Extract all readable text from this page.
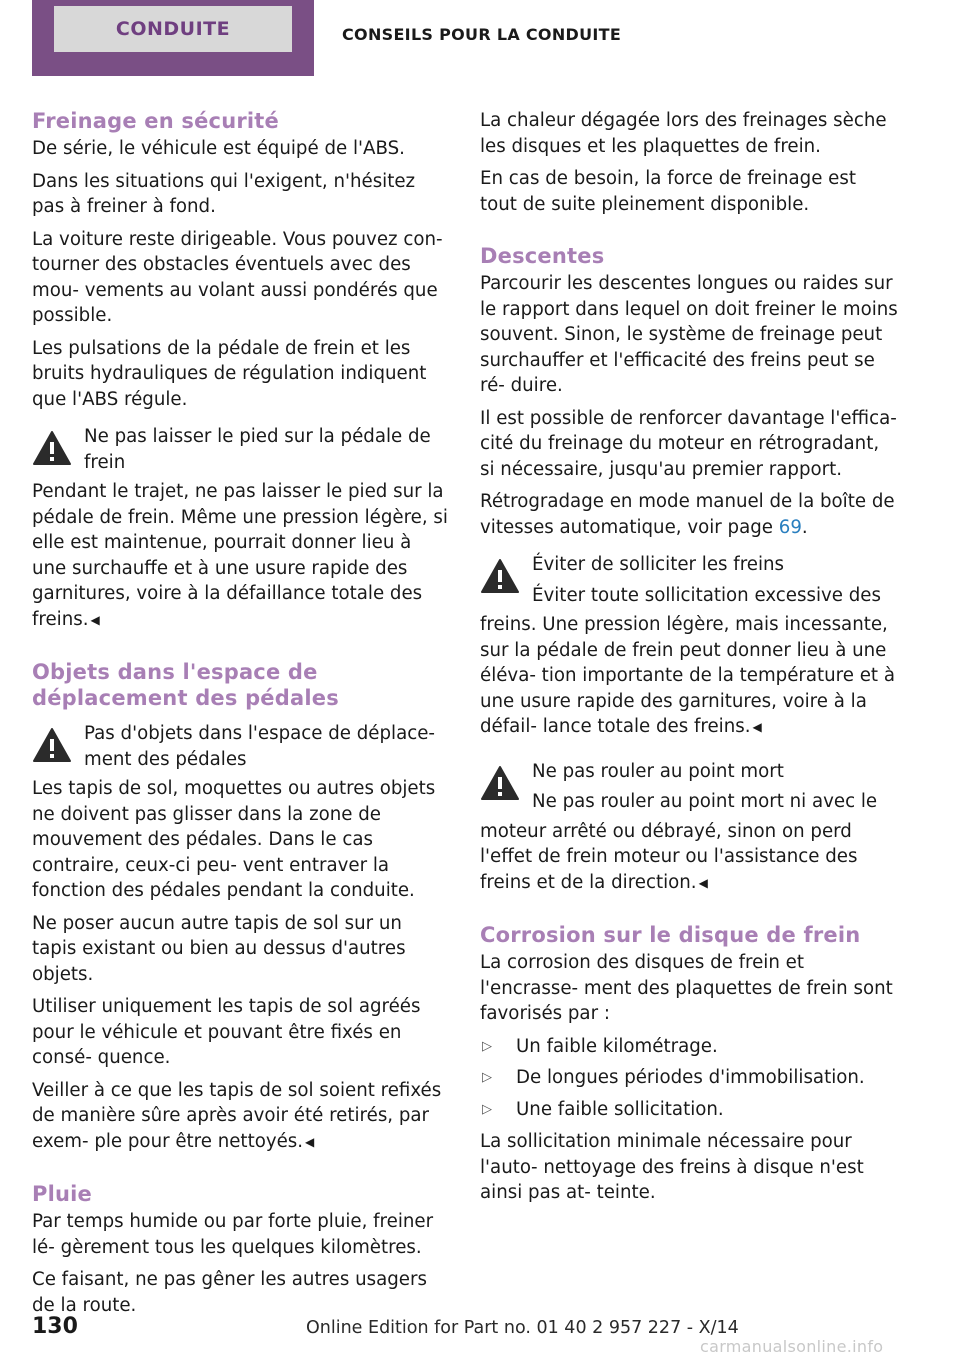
CONDUITE	CONSEILS POUR LA CONDUITE
Freinage en sécurité

De série, le véhicule est équipé de l'ABS.

Dans les situations qui l'exigent, n'hésitez pas à freiner à fond.

La voiture reste dirigeable. Vous pouvez con‐ tourner des obstacles éventuels avec des mou‐ vements au volant aussi pondérés que possible.

Les pulsations de la pédale de frein et les bruits hydrauliques de régulation indiquent que l'ABS régule.

Ne pas laisser le pied sur la pédale de frein

Pendant le trajet, ne pas laisser le pied sur la pédale de frein. Même une pression légère, si elle est maintenue, pourrait donner lieu à une surchauffe et à une usure rapide des garnitures, voire à la défaillance totale des freins. ◀

Objets dans l'espace de déplacement des pédales

Pas d'objets dans l'espace de déplace‐ ment des pédales

Les tapis de sol, moquettes ou autres objets ne doivent pas glisser dans la zone de mouvement des pédales. Dans le cas contraire, ceux-ci peu‐ vent entraver la fonction des pédales pendant la conduite.

Ne poser aucun autre tapis de sol sur un tapis existant ou bien au dessus d'autres objets.

Utiliser uniquement les tapis de sol agréés pour le véhicule et pouvant être fixés en consé‐ quence.

Veiller à ce que les tapis de sol soient refixés de manière sûre après avoir été retirés, par exem‐ ple pour être nettoyés. ◀

Pluie

Par temps humide ou par forte pluie, freiner lé‐ gèrement tous les quelques kilomètres.

Ce faisant, ne pas gêner les autres usagers de la route.

La chaleur dégagée lors des freinages sèche les disques et les plaquettes de frein.

En cas de besoin, la force de freinage est tout de suite pleinement disponible.

Descentes

Parcourir les descentes longues ou raides sur le rapport dans lequel on doit freiner le moins souvent. Sinon, le système de freinage peut surchauffer et l'efficacité des freins peut se ré‐ duire.

Il est possible de renforcer davantage l'effica‐ cité du freinage du moteur en rétrogradant, si nécessaire, jusqu'au premier rapport.

Rétrogradage en mode manuel de la boîte de vitesses automatique, voir page 69.

Éviter de solliciter les freins

Éviter toute sollicitation excessive des

freins. Une pression légère, mais incessante, sur la pédale de frein peut donner lieu à une éléva‐ tion importante de la température et à une usure rapide des garnitures, voire à la défail‐ lance totale des freins. ◀

Ne pas rouler au point mort

Ne pas rouler au point mort ni avec le

moteur arrêté ou débrayé, sinon on perd l'effet de frein moteur ou l'assistance des freins et de la direction. ◀

Corrosion sur le disque de frein

La corrosion des disques de frein et l'encrasse‐ ment des plaquettes de frein sont favorisés par :

▷	Un faible kilométrage.
▷	De longues périodes d'immobilisation.
▷	Une faible sollicitation.

La sollicitation minimale nécessaire pour l'auto‐ nettoyage des freins à disque n'est ainsi pas at‐ teinte.

130	Online Edition for Part no. 01 40 2 957 227 - X/14
carmanualsonline.info
